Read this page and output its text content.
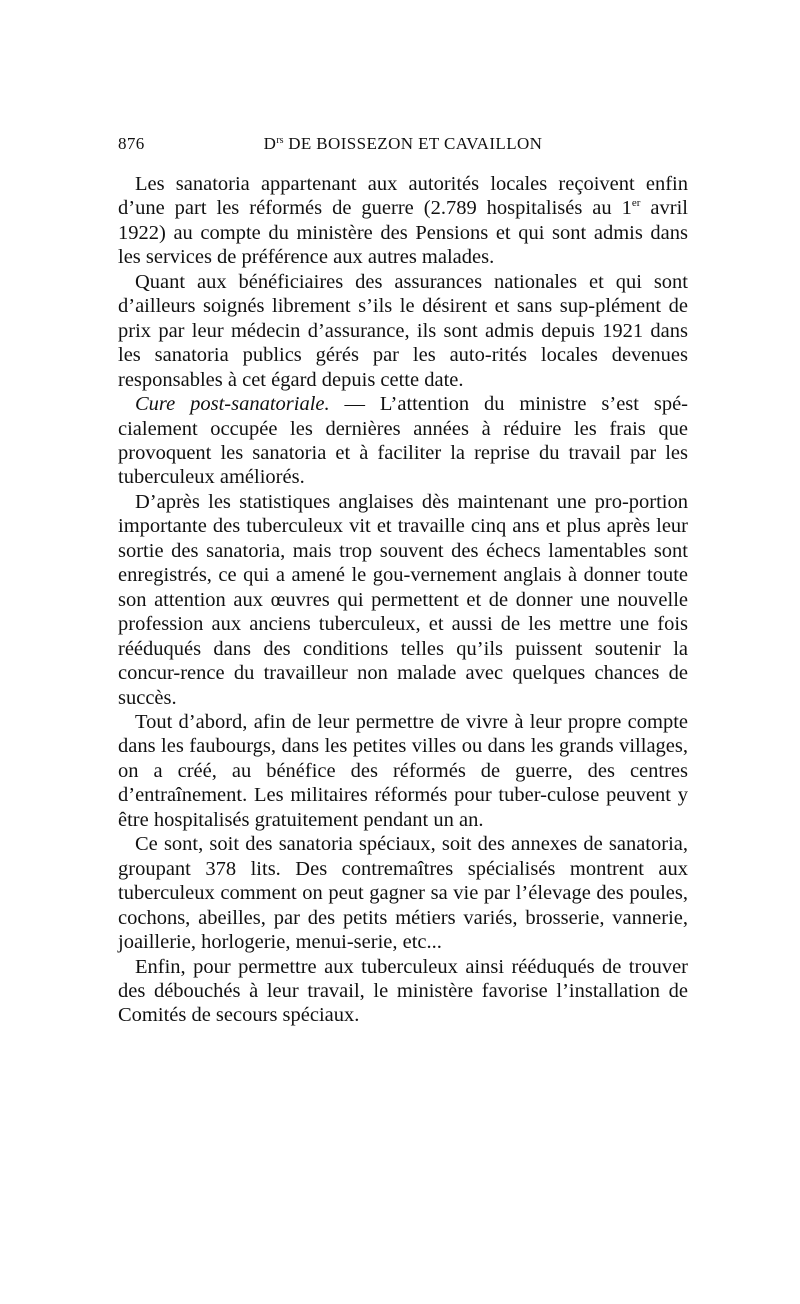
876	$D^{rs}$ DE BOISSEZON ET CAVAILLON

Les sanatoria appartenant aux autorités locales reçoivent enfin d’une part les réformés de guerre (2.789 hospitalisés au 1er avril 1922) au compte du ministère des Pensions et qui sont admis dans les services de préférence aux autres malades.

Quant aux bénéficiaires des assurances nationales et qui sont d’ailleurs soignés librement s’ils le désirent et sans sup-plément de prix par leur médecin d’assurance, ils sont admis depuis 1921 dans les sanatoria publics gérés par les auto-rités locales devenues responsables à cet égard depuis cette date.

Cure post-sanatoriale. — L’attention du ministre s’est spé-cialement occupée les dernières années à réduire les frais que provoquent les sanatoria et à faciliter la reprise du travail par les tuberculeux améliorés.

D’après les statistiques anglaises dès maintenant une pro-portion importante des tuberculeux vit et travaille cinq ans et plus après leur sortie des sanatoria, mais trop souvent des échecs lamentables sont enregistrés, ce qui a amené le gou-vernement anglais à donner toute son attention aux œuvres qui permettent et de donner une nouvelle profession aux anciens tuberculeux, et aussi de les mettre une fois rééduqués dans des conditions telles qu’ils puissent soutenir la concur-rence du travailleur non malade avec quelques chances de succès.

Tout d’abord, afin de leur permettre de vivre à leur propre compte dans les faubourgs, dans les petites villes ou dans les grands villages, on a créé, au bénéfice des réformés de guerre, des centres d’entraînement. Les militaires réformés pour tuber-culose peuvent y être hospitalisés gratuitement pendant un an.

Ce sont, soit des sanatoria spéciaux, soit des annexes de sanatoria, groupant 378 lits. Des contremaîtres spécialisés montrent aux tuberculeux comment on peut gagner sa vie par l’élevage des poules, cochons, abeilles, par des petits métiers variés, brosserie, vannerie, joaillerie, horlogerie, menui-serie, etc...

Enfin, pour permettre aux tuberculeux ainsi rééduqués de trouver des débouchés à leur travail, le ministère favorise l’installation de Comités de secours spéciaux.
